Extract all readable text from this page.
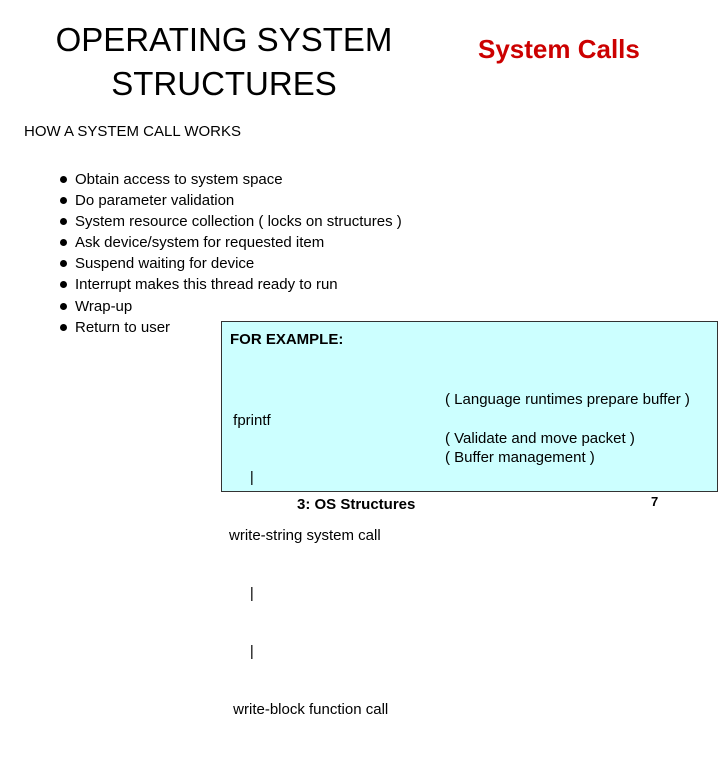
OPERATING SYSTEM
STRUCTURES
System Calls
HOW A SYSTEM CALL WORKS
Obtain access to system space
Do parameter validation
System resource collection ( locks on structures )
Ask device/system for requested item
Suspend waiting for device
Interrupt makes this thread ready to run
Wrap-up
Return to user
FOR EXAMPLE:

fprintf

|

write-string system call

|

|

write-block function call

( Language runtimes prepare buffer )
( Validate and move packet )
( Buffer management )
3: OS Structures	7
